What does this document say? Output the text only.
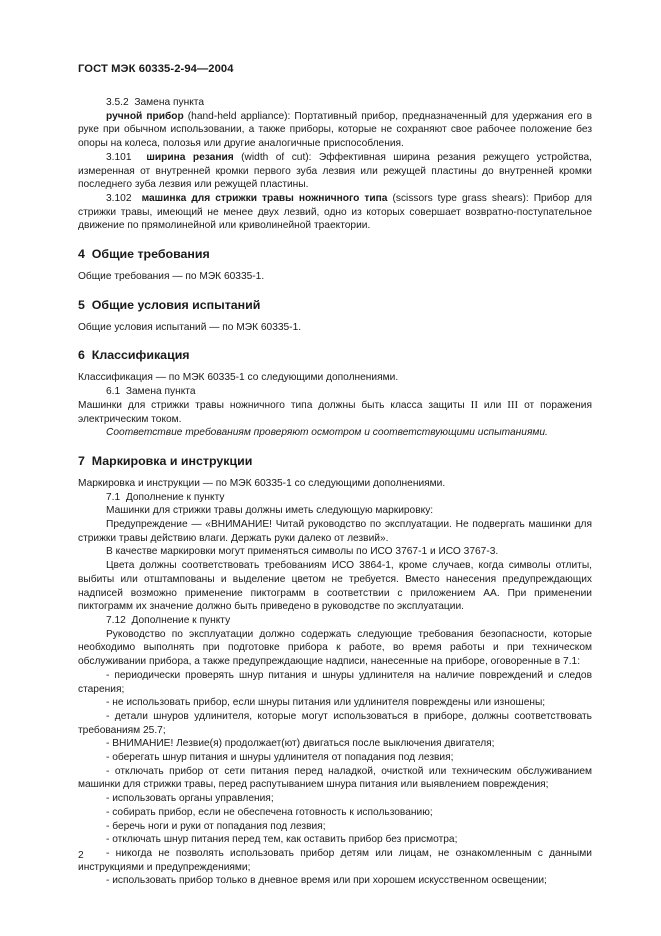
ГОСТ МЭК 60335-2-94—2004

3.5.2 Замена пункта

ручной прибор (hand-held appliance): Портативный прибор, предназначенный для удержания его в руке при обычном использовании, а также приборы, которые не сохраняют свое рабочее положение без опоры на колеса, полозья или другие аналогичные приспособления.

3.101 ширина резания (width of cut): Эффективная ширина резания режущего устройства, измеренная от внутренней кромки первого зуба лезвия или режущей пластины до внутренней кромки последнего зуба лезвия или режущей пластины.

3.102 машинка для стрижки травы ножничного типа (scissors type grass shears): Прибор для стрижки травы, имеющий не менее двух лезвий, одно из которых совершает возвратно-поступательное движение по прямолинейной или криволинейной траектории.

4 Общие требования

Общие требования — по МЭК 60335-1.

5 Общие условия испытаний

Общие условия испытаний — по МЭК 60335-1.

6 Классификация

Классификация — по МЭК 60335-1 со следующими дополнениями.

6.1 Замена пункта

Машинки для стрижки травы ножничного типа должны быть класса защиты II или III от поражения электрическим током.

Соответствие требованиям проверяют осмотром и соответствующими испытаниями.

7 Маркировка и инструкции

Маркировка и инструкции — по МЭК 60335-1 со следующими дополнениями.

7.1 Дополнение к пункту

Машинки для стрижки травы должны иметь следующую маркировку:

Предупреждение — «ВНИМАНИЕ! Читай руководство по эксплуатации. Не подвергать машинки для стрижки травы действию влаги. Держать руки далеко от лезвий».

В качестве маркировки могут применяться символы по ИСО 3767-1 и ИСО 3767-3.

Цвета должны соответствовать требованиям ИСО 3864-1, кроме случаев, когда символы отлиты, выбиты или отштампованы и выделение цветом не требуется. Вместо нанесения предупреждающих надписей возможно применение пиктограмм в соответствии с приложением АА. При применении пиктограмм их значение должно быть приведено в руководстве по эксплуатации.

7.12 Дополнение к пункту

Руководство по эксплуатации должно содержать следующие требования безопасности, которые необходимо выполнять при подготовке прибора к работе, во время работы и при техническом обслуживании прибора, а также предупреждающие надписи, нанесенные на приборе, оговоренные в 7.1:

- периодически проверять шнур питания и шнуры удлинителя на наличие повреждений и следов старения;

- не использовать прибор, если шнуры питания или удлинителя повреждены или изношены;

- детали шнуров удлинителя, которые могут использоваться в приборе, должны соответствовать требованиям 25.7;

- ВНИМАНИЕ! Лезвие(я) продолжает(ют) двигаться после выключения двигателя;

- оберегать шнур питания и шнуры удлинителя от попадания под лезвия;

- отключать прибор от сети питания перед наладкой, очисткой или техническим обслуживанием машинки для стрижки травы, перед распутыванием шнура питания или выявлением повреждения;

- использовать органы управления;

- собирать прибор, если не обеспечена готовность к использованию;

- беречь ноги и руки от попадания под лезвия;

- отключать шнур питания перед тем, как оставить прибор без присмотра;

- никогда не позволять использовать прибор детям или лицам, не ознакомленным с данными инструкциями и предупреждениями;

- использовать прибор только в дневное время или при хорошем искусственном освещении;

2
